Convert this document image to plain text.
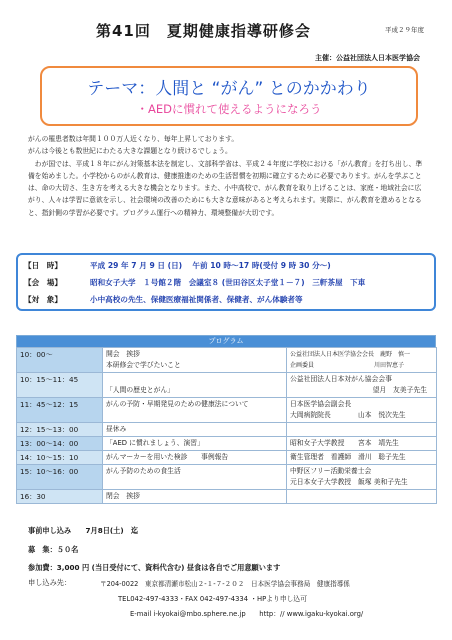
第41回　夏期健康指導研修会	平成２９年度
主催：公益社団法人日本医学協会
テーマ：人間と “がん” とのかかわり
・AEDに慣れて使えるようになろう

がんの罹患者数は年間１００万人近くなり、毎年上昇しております。

がんは今後とも数世紀にわたる大きな課題となり続けるでしょう。

　わが国では、平成１８年にがん対策基本法を制定し、文部科学省は、平成２４年度に学校における「がん教育」を打ち出し、準備を始めました。小学校からのがん教育は、健康推進のための生活習慣を初期に確立するために必要であります。がんを学ぶことは、命の大切さ、生き方を考える大きな機会となります。また、小中高校で、がん教育を取り上げることは、家庭・地域社会に広がり、人々は学習に意欲を示し、社会環境の改善のためにも大きな意味があると考えられます。実際に、がん教育を進めるとなると、指針側の学習が必要です。プログラム運行への精神力、環境整備が大切です。

【日　時】	平成 29 年 7 月 9 日 (日)　 午前 10 時～17 時(受付 9 時 30 分～)
【会　場】	昭和女子大学　１号館２階　会議室８ (世田谷区太子堂１－７)　三軒茶屋　下車
【対　象】	小中高校の先生、保健医療福祉関係者、保健者、がん体験者等
プログラム
10：00～	開会　挨拶
本研修会で学びたいこと	公益社団法人日本医学協会会長　鹿野　慎一
企画委員　　　　　　　　　　川田智恵子

10：15～11：45	「人間の歴史とがん」	公益社団法人日本対がん協会会事
望月　友美子先生

11：45～12：15	がんの予防・早期発見のための健康法について	日本医学協会副会長
大岡病院院長　　　　山本　悦次先生

12：15～13：00	昼休み	

13：00～14：00	「AED に慣れましょう、演習」	昭和女子大学教授　　宮本　靖先生

14：10～15：10	がんマーカーを用いた検診　　事例報告	衛生管理者　看護師　滑川　聡子先生

15：10～16：00	がん予防のための食生活	中野区フリー活動栄養士会
元日本女子大学教授　飯塚 美和子先生

16：30	閉会　挨拶	

事前申し込み　　7月8日(土)　迄
募　集：５０名
参加費：3,000 円 (当日受付にて、資料代含む) 昼食は各自でご用意願います
申し込み先：	〒204-0022　東京都清瀬市松山２-１-７-２０２　日本医学協会事務局　健康指導係
TEL042-497-4333・FAX 042-497-4334 ・HPより申し込可
E-mail i-kyokai@mbo.sphere.ne.jp　　http：// www.igaku-kyokai.org/
